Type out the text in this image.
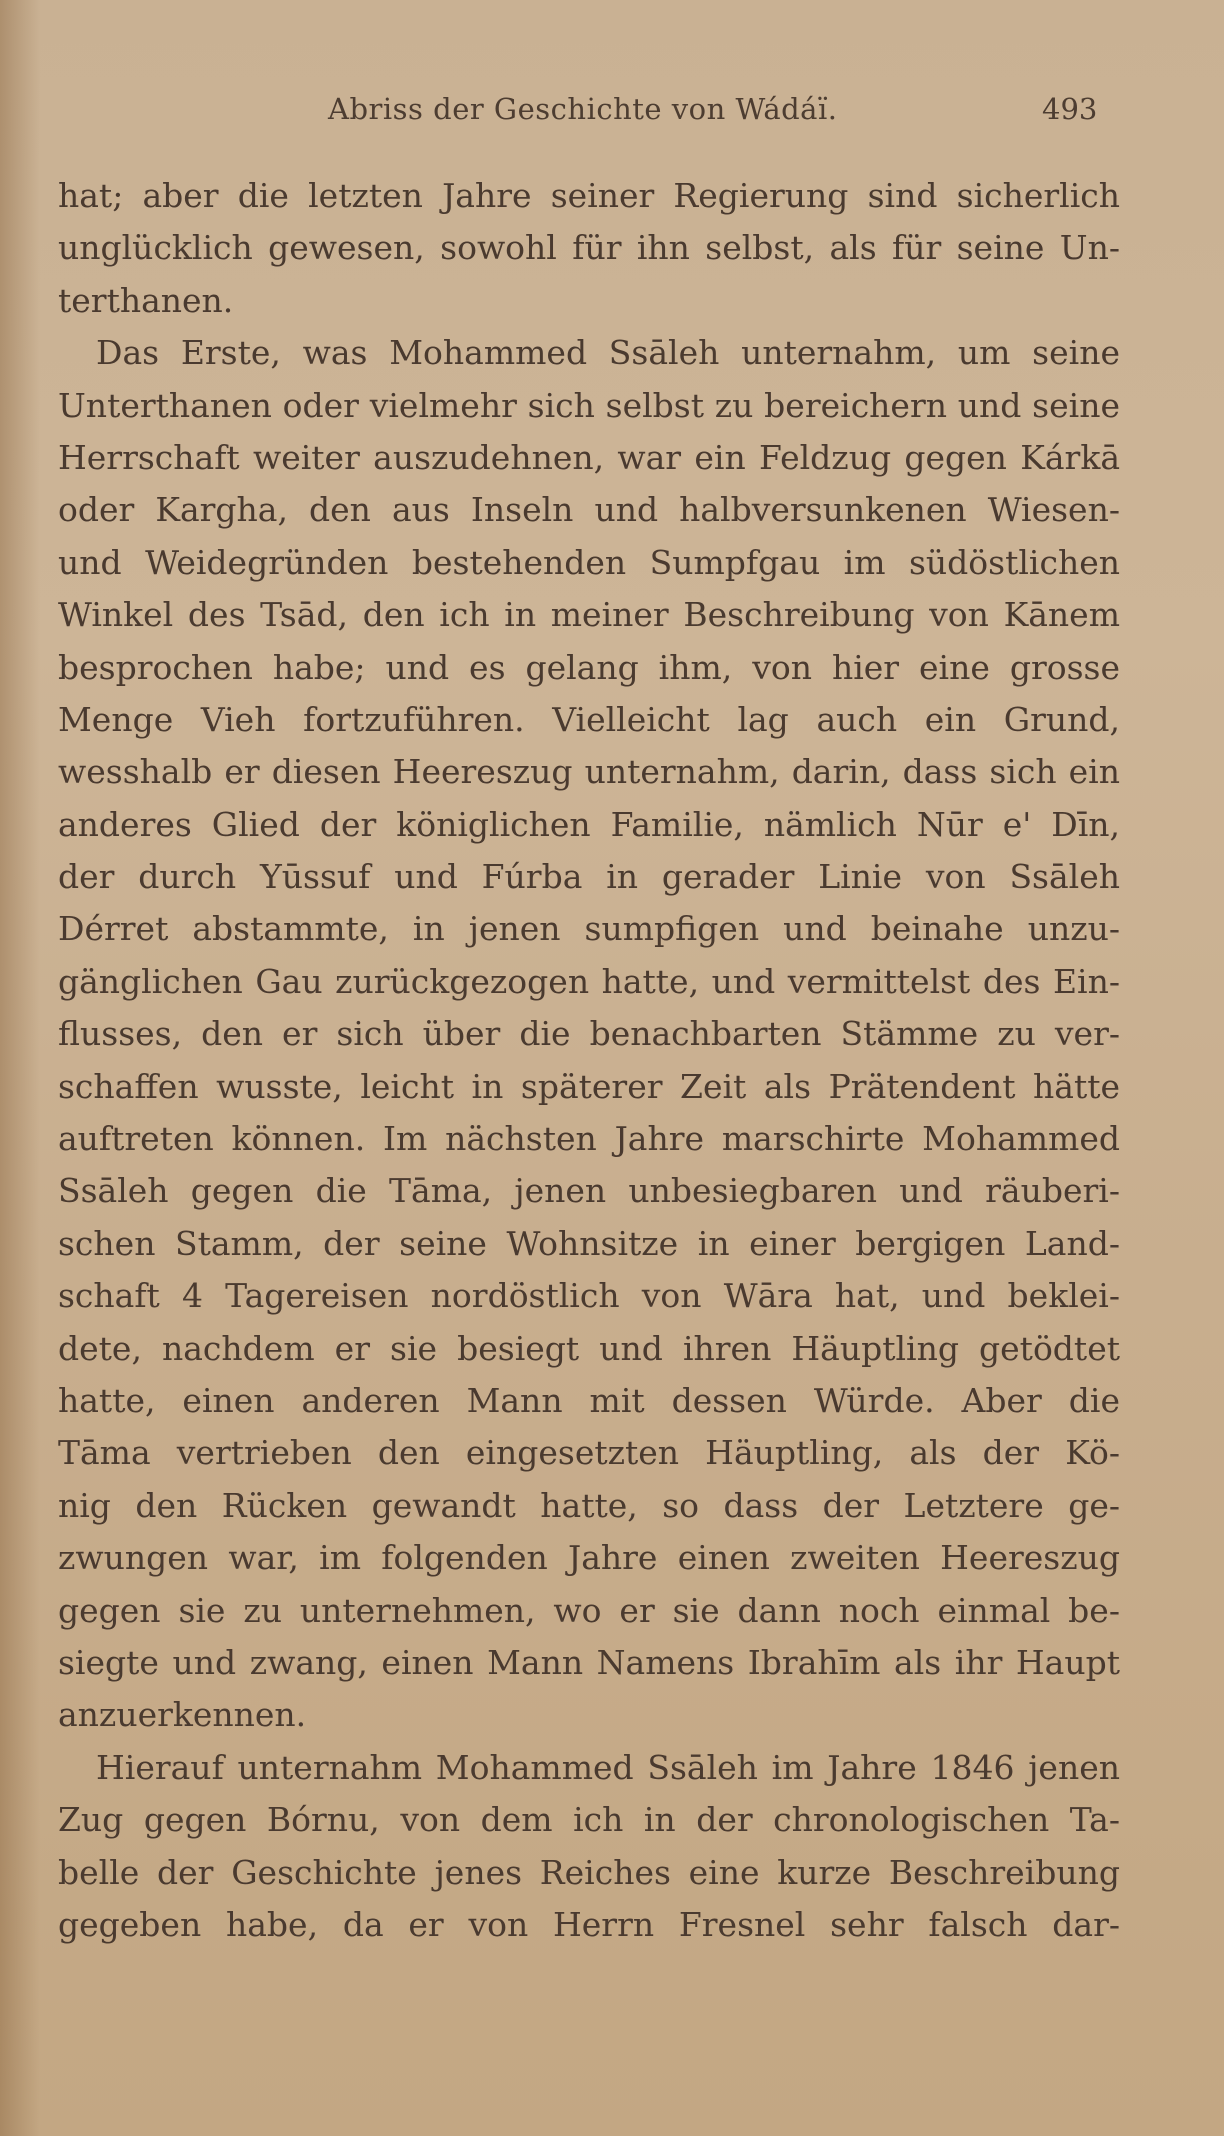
Abriss der Geschichte von Wádáï.	493
hat; aber die letzten Jahre seiner Regierung sind sicherlich
unglücklich gewesen, sowohl für ihn selbst, als für seine Un-
terthanen.
Das Erste, was Mohammed Ssāleh unternahm, um seine
Unterthanen oder vielmehr sich selbst zu bereichern und seine
Herrschaft weiter auszudehnen, war ein Feldzug gegen Kárkā
oder Kargha, den aus Inseln und halbversunkenen Wiesen-
und Weidegründen bestehenden Sumpfgau im südöstlichen
Winkel des Tsād, den ich in meiner Beschreibung von Kānem
besprochen habe; und es gelang ihm, von hier eine grosse
Menge Vieh fortzuführen. Vielleicht lag auch ein Grund,
wesshalb er diesen Heereszug unternahm, darin, dass sich ein
anderes Glied der königlichen Familie, nämlich Nūr e' Dīn,
der durch Yūssuf und Fúrba in gerader Linie von Ssāleh
Dérret abstammte, in jenen sumpfigen und beinahe unzu-
gänglichen Gau zurückgezogen hatte, und vermittelst des Ein-
flusses, den er sich über die benachbarten Stämme zu ver-
schaffen wusste, leicht in späterer Zeit als Prätendent hätte
auftreten können. Im nächsten Jahre marschirte Mohammed
Ssāleh gegen die Tāma, jenen unbesiegbaren und räuberi-
schen Stamm, der seine Wohnsitze in einer bergigen Land-
schaft 4 Tagereisen nordöstlich von Wāra hat, und beklei-
dete, nachdem er sie besiegt und ihren Häuptling getödtet
hatte, einen anderen Mann mit dessen Würde. Aber die
Tāma vertrieben den eingesetzten Häuptling, als der Kö-
nig den Rücken gewandt hatte, so dass der Letztere ge-
zwungen war, im folgenden Jahre einen zweiten Heereszug
gegen sie zu unternehmen, wo er sie dann noch einmal be-
siegte und zwang, einen Mann Namens Ibrahīm als ihr Haupt
anzuerkennen.
Hierauf unternahm Mohammed Ssāleh im Jahre 1846 jenen
Zug gegen Bórnu, von dem ich in der chronologischen Ta-
belle der Geschichte jenes Reiches eine kurze Beschreibung
gegeben habe, da er von Herrn Fresnel sehr falsch dar-
